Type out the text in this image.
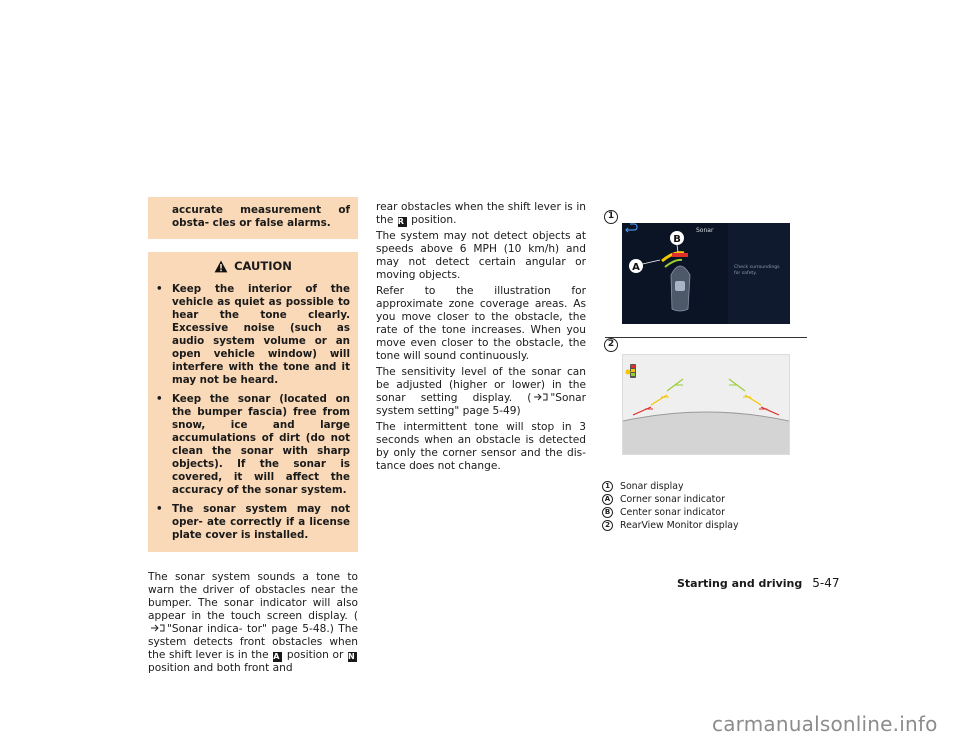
accurate measurement of obsta- cles or false alarms.

CAUTION
• Keep the interior of the vehicle as quiet as possible to hear the tone clearly. Excessive noise (such as audio system volume or an open vehicle window) will interfere with the tone and it may not be heard.
• Keep the sonar (located on the bumper fascia) free from snow, ice and large accumulations of dirt (do not clean the sonar with sharp objects). If the sonar is covered, it will affect the accuracy of the sonar system.
• The sonar system may not oper- ate correctly if a license plate cover is installed.

The sonar system sounds a tone to warn the driver of obstacles near the bumper. The sonar indicator will also appear in the touch screen display. ("Sonar indica- tor" page 5-48.) The system detects front obstacles when the shift lever is in the A position or N position and both front and

rear obstacles when the shift lever is in the R position.

The system may not detect objects at speeds above 6 MPH (10 km/h) and may not detect certain angular or moving objects.

Refer to the illustration for approximate zone coverage areas. As you move closer to the obstacle, the rate of the tone increases. When you move even closer to the obstacle, the tone will sound continuously.

The sensitivity level of the sonar can be adjusted (higher or lower) in the sonar setting display. ( "Sonar system setting" page 5-49)

The intermittent tone will stop in 3 seconds when an obstacle is detected by only the corner sensor and the dis- tance does not change.

1
2
A
B
Sonar
Check surroundings
for safety.
1	Sonar display
A Corner sonar indicator
B	Center sonar indicator
2	RearView Monitor display
Starting and driving 5-47
carmanualsonline.info
